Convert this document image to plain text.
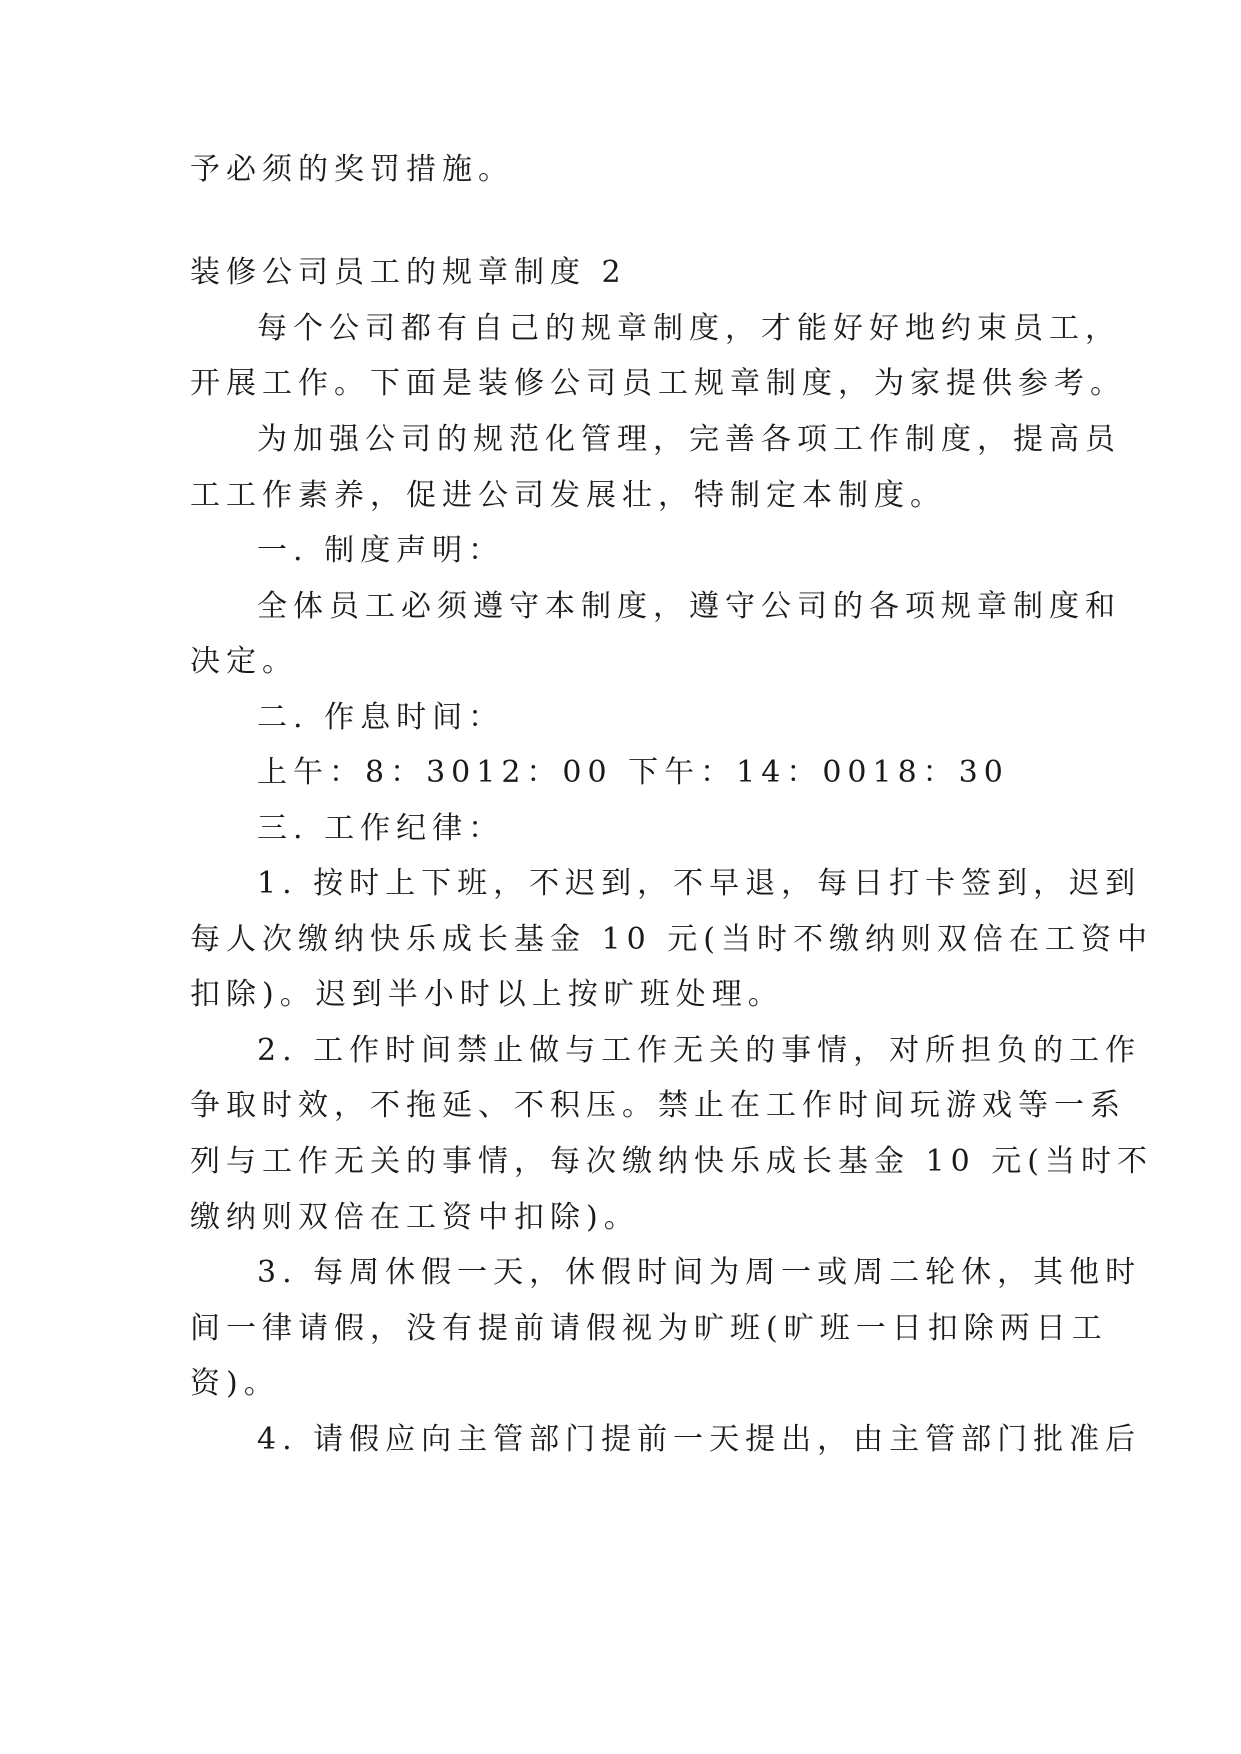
予必须的奖罚措施。
装修公司员工的规章制度 2
每个公司都有自己的规章制度，才能好好地约束员工，
开展工作。下面是装修公司员工规章制度，为家提供参考。
为加强公司的规范化管理，完善各项工作制度，提高员
工工作素养，促进公司发展壮，特制定本制度。
一. 制度声明：
全体员工必须遵守本制度，遵守公司的各项规章制度和
决定。
二. 作息时间：
上午：8：3012：00 下午：14：0018：30
三. 工作纪律：
1. 按时上下班，不迟到，不早退，每日打卡签到，迟到
每人次缴纳快乐成长基金 10 元(当时不缴纳则双倍在工资中
扣除)。迟到半小时以上按旷班处理。
2. 工作时间禁止做与工作无关的事情，对所担负的工作
争取时效，不拖延、不积压。禁止在工作时间玩游戏等一系
列与工作无关的事情，每次缴纳快乐成长基金 10 元(当时不
缴纳则双倍在工资中扣除)。
3. 每周休假一天，休假时间为周一或周二轮休，其他时
间一律请假，没有提前请假视为旷班(旷班一日扣除两日工
资)。
4. 请假应向主管部门提前一天提出，由主管部门批准后
